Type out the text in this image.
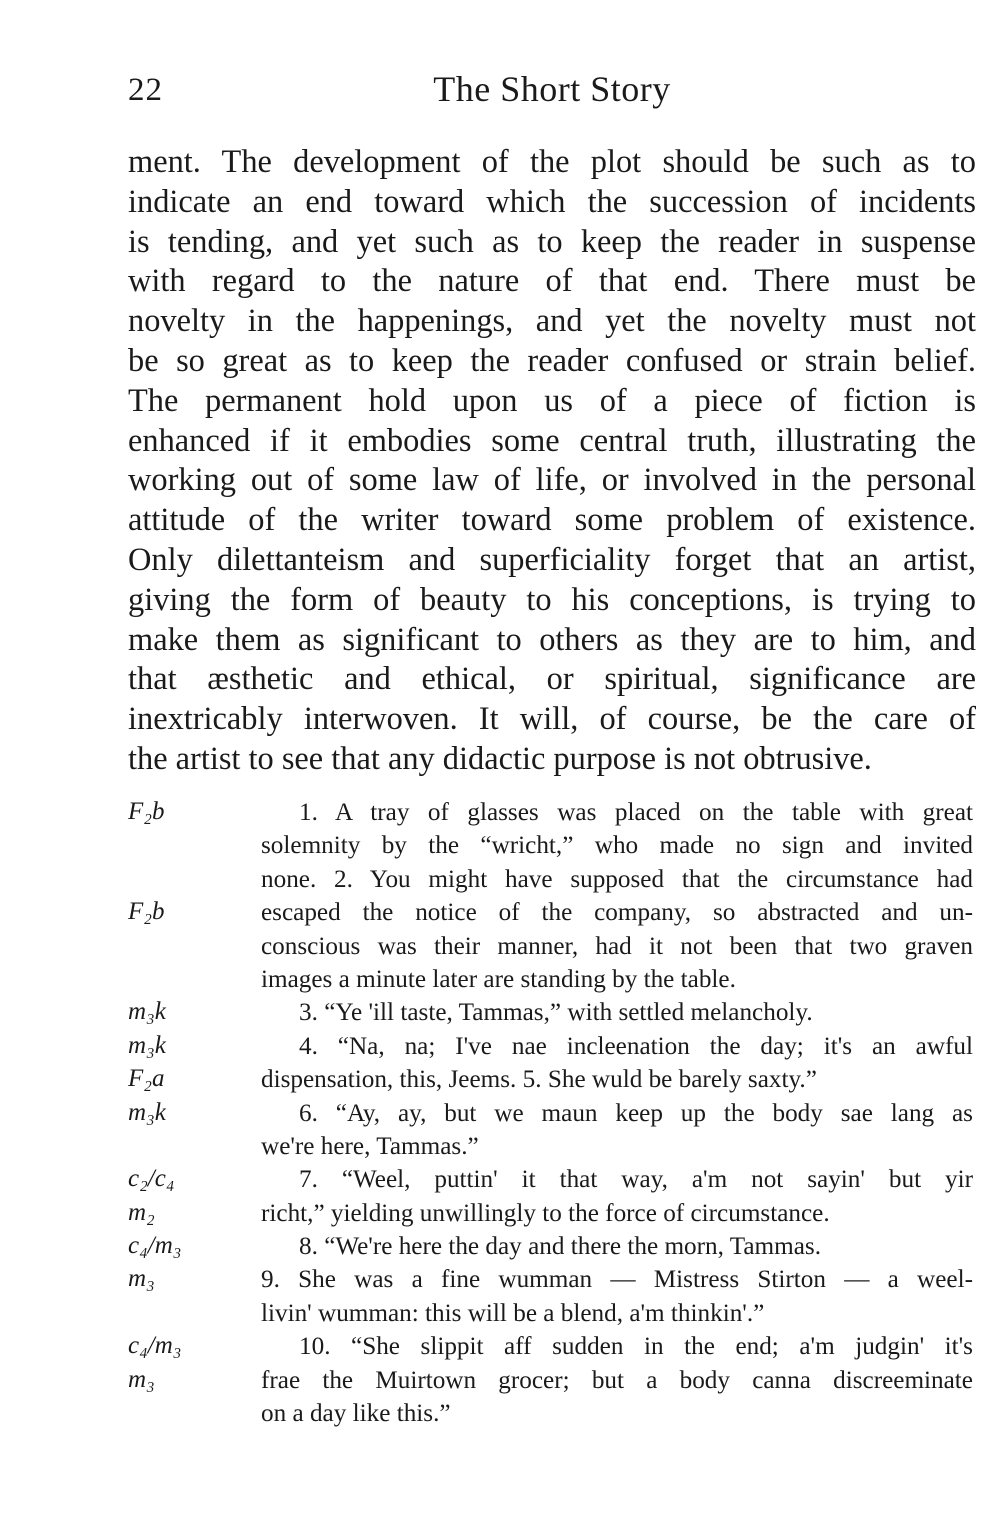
22	The Short Story
ment. The development of the plot should be such as to
indicate an end toward which the succession of incidents
is tending, and yet such as to keep the reader in suspense
with regard to the nature of that end. There must be
novelty in the happenings, and yet the novelty must not
be so great as to keep the reader confused or strain belief.
The permanent hold upon us of a piece of fiction is
enhanced if it embodies some central truth, illustrating the
working out of some law of life, or involved in the personal
attitude of the writer toward some problem of existence.
Only dilettanteism and superficiality forget that an artist,
giving the form of beauty to his conceptions, is trying to
make them as significant to others as they are to him, and
that æsthetic and ethical, or spiritual, significance are
inextricably interwoven. It will, of course, be the care of
the artist to see that any didactic purpose is not obtrusive.
F₂b	1. A tray of glasses was placed on the table with great
solemnity by the “wricht,” who made no sign and invited
none. 2. You might have supposed that the circumstance had
F₂b	escaped the notice of the company, so abstracted and un-
conscious was their manner, had it not been that two graven
images a minute later are standing by the table.
m₃k	3. “Ye 'ill taste, Tammas,” with settled melancholy.
m₃k	4. “Na, na; I've nae incleenation the day; it's an awful
F₂a	dispensation, this, Jeems. 5. She wuld be barely saxty.”
m₃k	6. “Ay, ay, but we maun keep up the body sae lang as
we're here, Tammas.”
c₂/c₄	7. “Weel, puttin' it that way, a'm not sayin' but yir
m₂	richt,” yielding unwillingly to the force of circumstance.
c₄/m₃	8. “We're here the day and there the morn, Tammas.
m₃	9. She was a fine wumman — Mistress Stirton — a weel-
livin' wumman: this will be a blend, a'm thinkin'.”
c₄/m₃	10. “She slippit aff sudden in the end; a'm judgin' it's
m₃	frae the Muirtown grocer; but a body canna discreeminate
on a day like this.”
